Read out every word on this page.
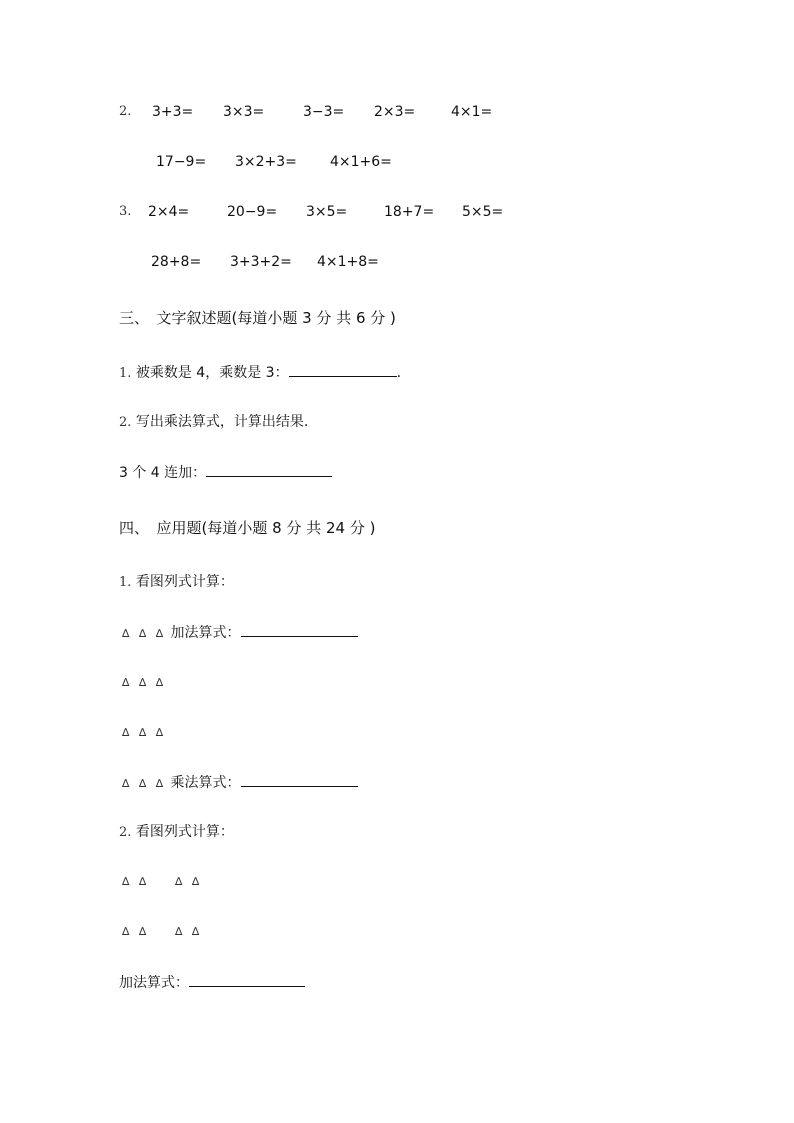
2. 3+3= 3×3=	3−3= 2×3=	4×1=
17−9= 3×2+3= 4×1+6=
3. 2×4=	20−9= 3×5=	18+7= 5×5=
28+8= 3+3+2= 4×1+8=
三、　文字叙述题(每道小题 3 分 共 6 分 )
1. 被乘数是 4，乘数是 3：	.
2. 写出乘法算式，计算出结果.
3 个 4 连加：
四、　应用题(每道小题 8 分 共 24 分 )
1. 看图列式计算：
∆ ∆ ∆ 加法算式：
∆ ∆ ∆
∆ ∆ ∆
∆ ∆ ∆ 乘法算式：
2. 看图列式计算：
∆ ∆ ∆ ∆
∆ ∆ ∆ ∆
加法算式：
